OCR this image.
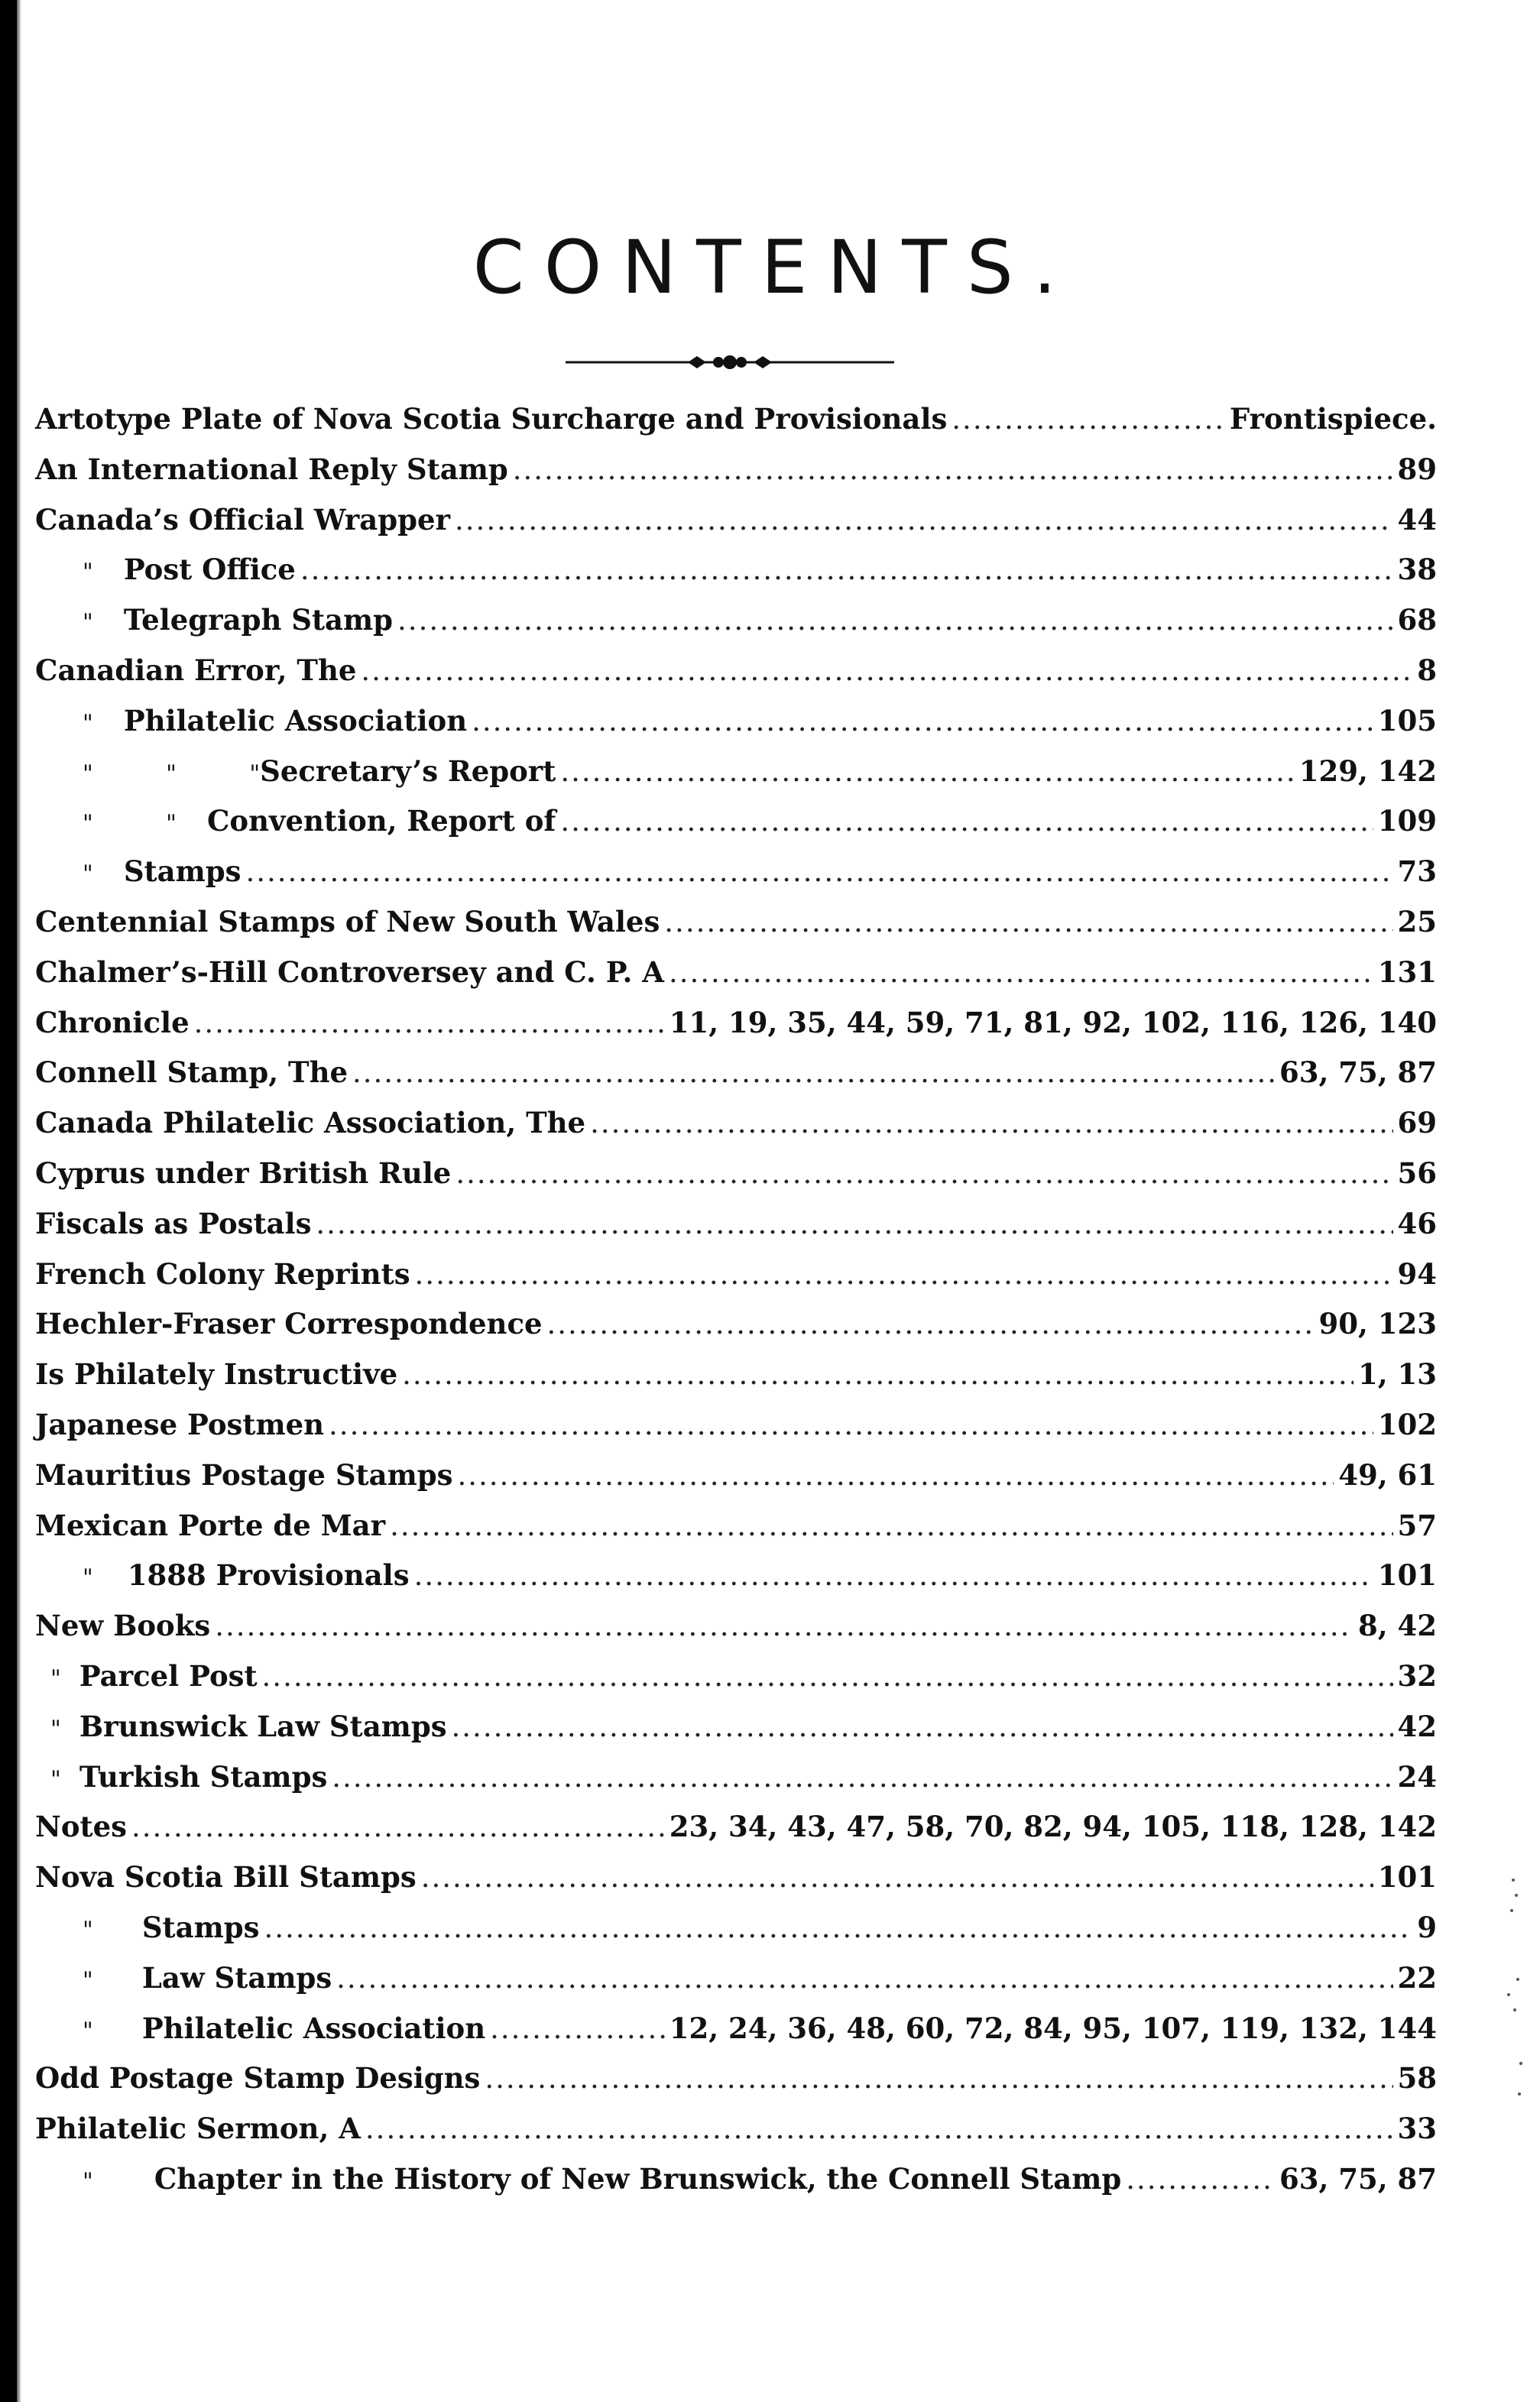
CONTENTS.
Artotype Plate of Nova Scotia Surcharge and Provisionals .....	Frontispiece.
An International Reply Stamp .....	89
Canada’s Official Wrapper .....	44
" Post Office .....	38
" Telegraph Stamp .....	68
Canadian Error, The .....	8
" Philatelic Association .....	105
"          "          " Secretary’s Report .....	129, 142
"          " Convention, Report of .....	109
" Stamps .....	73
Centennial Stamps of New South Wales .....	25
Chalmer’s-Hill Controversey and C. P. A .....	131
Chronicle .....	11, 19, 35, 44, 59, 71, 81, 92, 102, 116, 126, 140
Connell Stamp, The .....	63, 75, 87
Canada Philatelic Association, The .....	69
Cyprus under British Rule .....	56
Fiscals as Postals .....	46
French Colony Reprints .....	94
Hechler-Fraser Correspondence .....	90, 123
Is Philately Instructive .....	1, 13
Japanese Postmen .....	102
Mauritius Postage Stamps .....	49, 61
Mexican Porte de Mar .....	57
" 1888 Provisionals .....	101
New Books .....	8, 42
" Parcel Post .....	32
" Brunswick Law Stamps .....	42
" Turkish Stamps .....	24
Notes .....	23, 34, 43, 47, 58, 70, 82, 94, 105, 118, 128, 142
Nova Scotia Bill Stamps .....	101
" Stamps .....	9
" Law Stamps .....	22
" Philatelic Association .....	12, 24, 36, 48, 60, 72, 84, 95, 107, 119, 132, 144
Odd Postage Stamp Designs .....	58
Philatelic Sermon, A .....	33
" Chapter in the History of New Brunswick, the Connell Stamp .....	63, 75, 87
